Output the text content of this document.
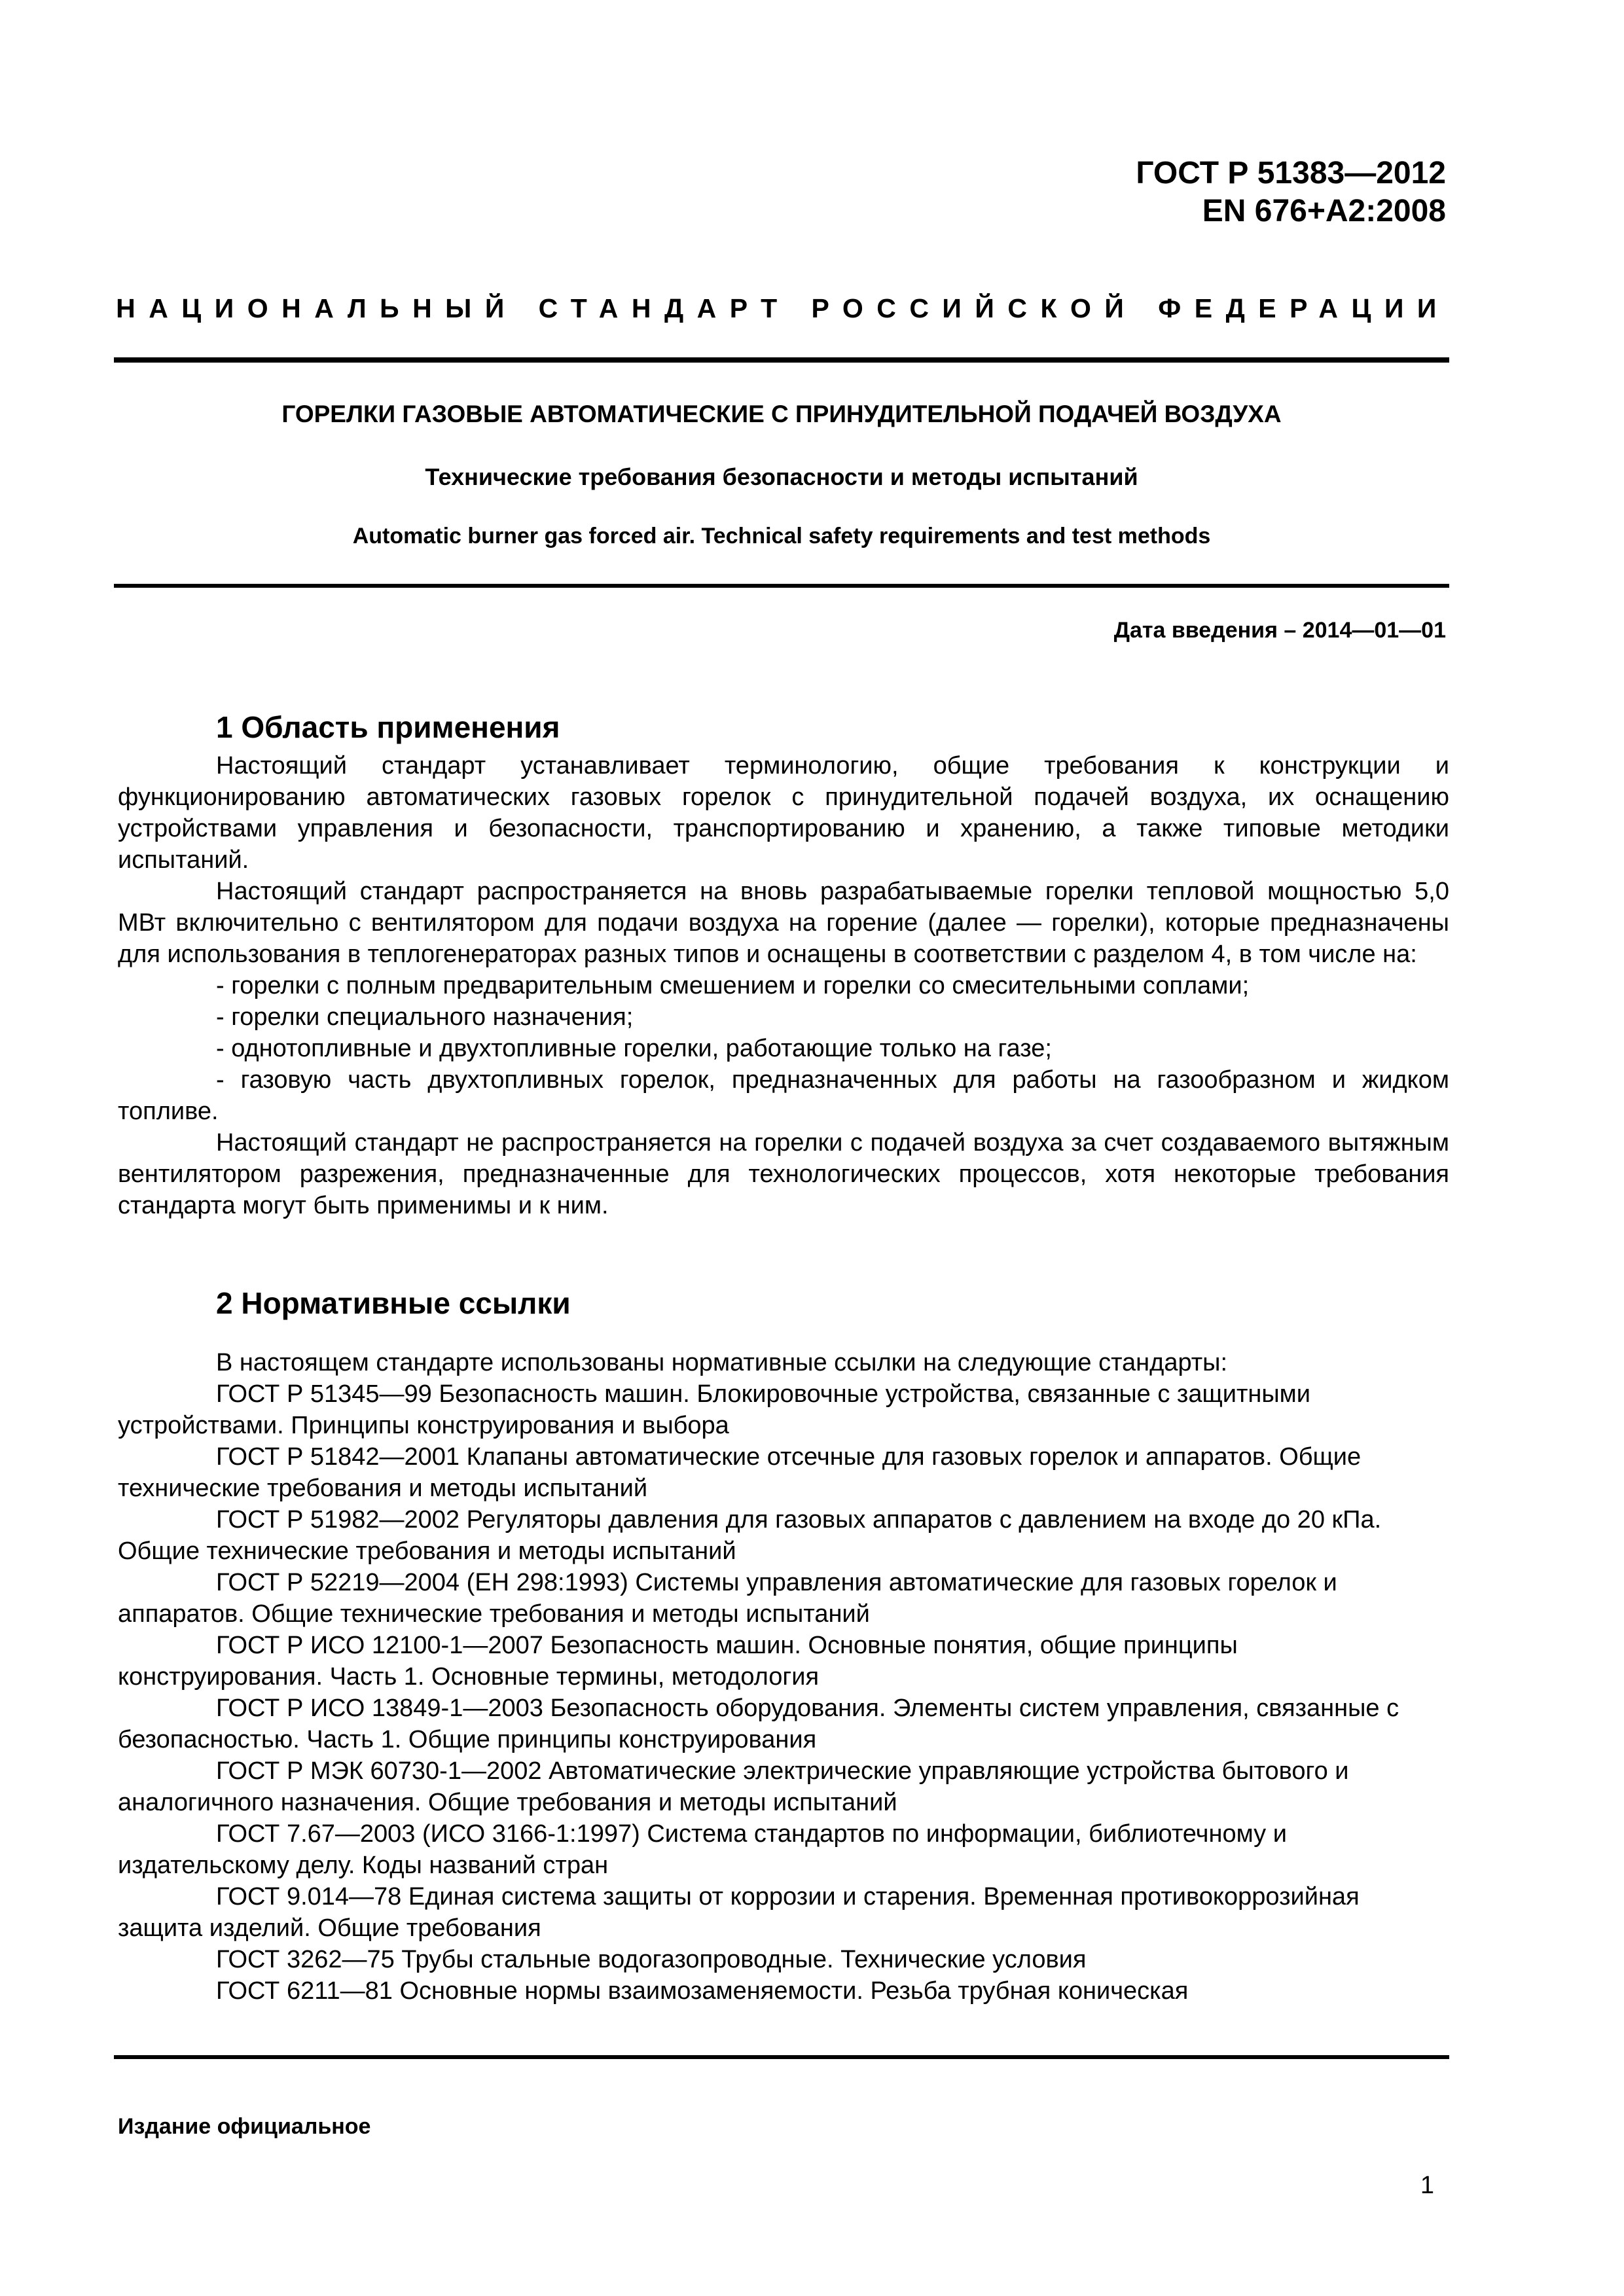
ГОСТ Р 51383—2012
EN 676+A2:2008
НАЦИОНАЛЬНЫЙ СТАНДАРТ РОССИЙСКОЙ ФЕДЕРАЦИИ
ГОРЕЛКИ ГАЗОВЫЕ АВТОМАТИЧЕСКИЕ С ПРИНУДИТЕЛЬНОЙ ПОДАЧЕЙ ВОЗДУХА
Технические требования безопасности и методы испытаний
Automatic burner gas forced air. Technical safety requirements and test methods
Дата введения – 2014—01—01
1 Область применения

Настоящий стандарт устанавливает терминологию, общие требования к конструкции и функционированию автоматических газовых горелок с принудительной подачей воздуха, их оснащению устройствами управления и безопасности, транспортированию и хранению, а также типовые методики испытаний.

Настоящий стандарт распространяется на вновь разрабатываемые горелки тепловой мощностью 5,0 МВт включительно с вентилятором для подачи воздуха на горение (далее — горелки), которые предназначены для использования в теплогенераторах разных типов и оснащены в соответствии с разделом 4, в том числе на:

- горелки с полным предварительным смешением и горелки со смесительными соплами;

- горелки специального назначения;

- однотопливные и двухтопливные горелки, работающие только на газе;

- газовую часть двухтопливных горелок, предназначенных для работы на газообразном и жидком топливе.

Настоящий стандарт не распространяется на горелки с подачей воздуха за счет создаваемого вытяжным вентилятором разрежения, предназначенные для технологических процессов, хотя некоторые требования стандарта могут быть применимы и к ним.

2 Нормативные ссылки

В настоящем стандарте использованы нормативные ссылки на следующие стандарты:

ГОСТ Р 51345—99 Безопасность машин. Блокировочные устройства, связанные с защитными устройствами. Принципы конструирования и выбора

ГОСТ Р 51842—2001 Клапаны автоматические отсечные для газовых горелок и аппаратов. Общие технические требования и методы испытаний

ГОСТ Р 51982—2002 Регуляторы давления для газовых аппаратов с давлением на входе до 20 кПа. Общие технические требования и методы испытаний

ГОСТ Р 52219—2004 (ЕН 298:1993) Системы управления автоматические для газовых горелок и аппаратов. Общие технические требования и методы испытаний

ГОСТ Р ИСО 12100-1—2007 Безопасность машин. Основные понятия, общие принципы конструирования. Часть 1. Основные термины, методология

ГОСТ Р ИСО 13849-1—2003 Безопасность оборудования. Элементы систем управления, связанные с безопасностью. Часть 1. Общие принципы конструирования

ГОСТ Р МЭК 60730-1—2002 Автоматические электрические управляющие устройства бытового и аналогичного назначения. Общие требования и методы испытаний

ГОСТ 7.67—2003 (ИСО 3166-1:1997) Система стандартов по информации, библиотечному и издательскому делу. Коды названий стран

ГОСТ 9.014—78 Единая система защиты от коррозии и старения. Временная противокоррозийная защита изделий. Общие требования

ГОСТ 3262—75 Трубы стальные водогазопроводные. Технические условия

ГОСТ 6211—81 Основные нормы взаимозаменяемости. Резьба трубная коническая

Издание официальное
1
